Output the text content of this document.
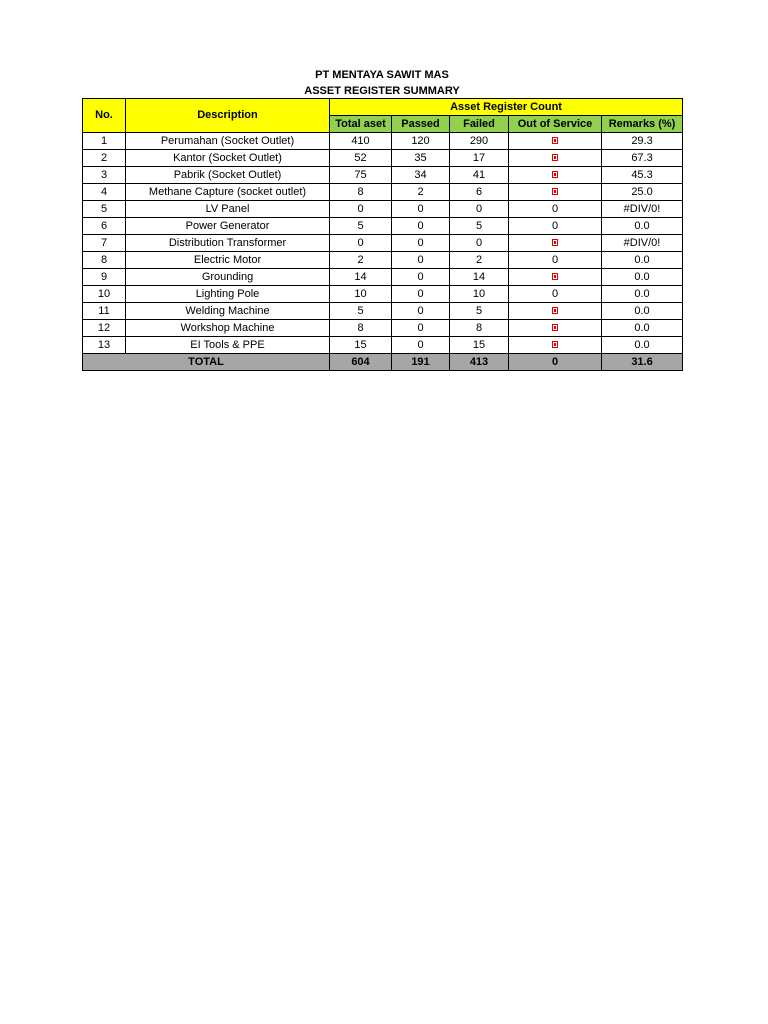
PT MENTAYA SAWIT MAS
ASSET REGISTER SUMMARY
No.	Description	Asset Register Count				
		Total aset	Passed	Failed	Out of Service	Remarks (%)
1	Perumahan (Socket Outlet)	410	120	290		29.3
2	Kantor (Socket Outlet)	52	35	17		67.3
3	Pabrik (Socket Outlet)	75	34	41		45.3
4	Methane Capture (socket outlet)	8	2	6		25.0
5	LV Panel	0	0	0	0	#DIV/0!
6	Power Generator	5	0	5	0	0.0
7	Distribution Transformer	0	0	0		#DIV/0!
8	Electric Motor	2	0	2	0	0.0
9	Grounding	14	0	14		0.0
10	Lighting Pole	10	0	10	0	0.0
11	Welding Machine	5	0	5		0.0
12	Workshop Machine	8	0	8		0.0
13	EI Tools & PPE	15	0	15		0.0
TOTAL		604	191	413	0	31.6
